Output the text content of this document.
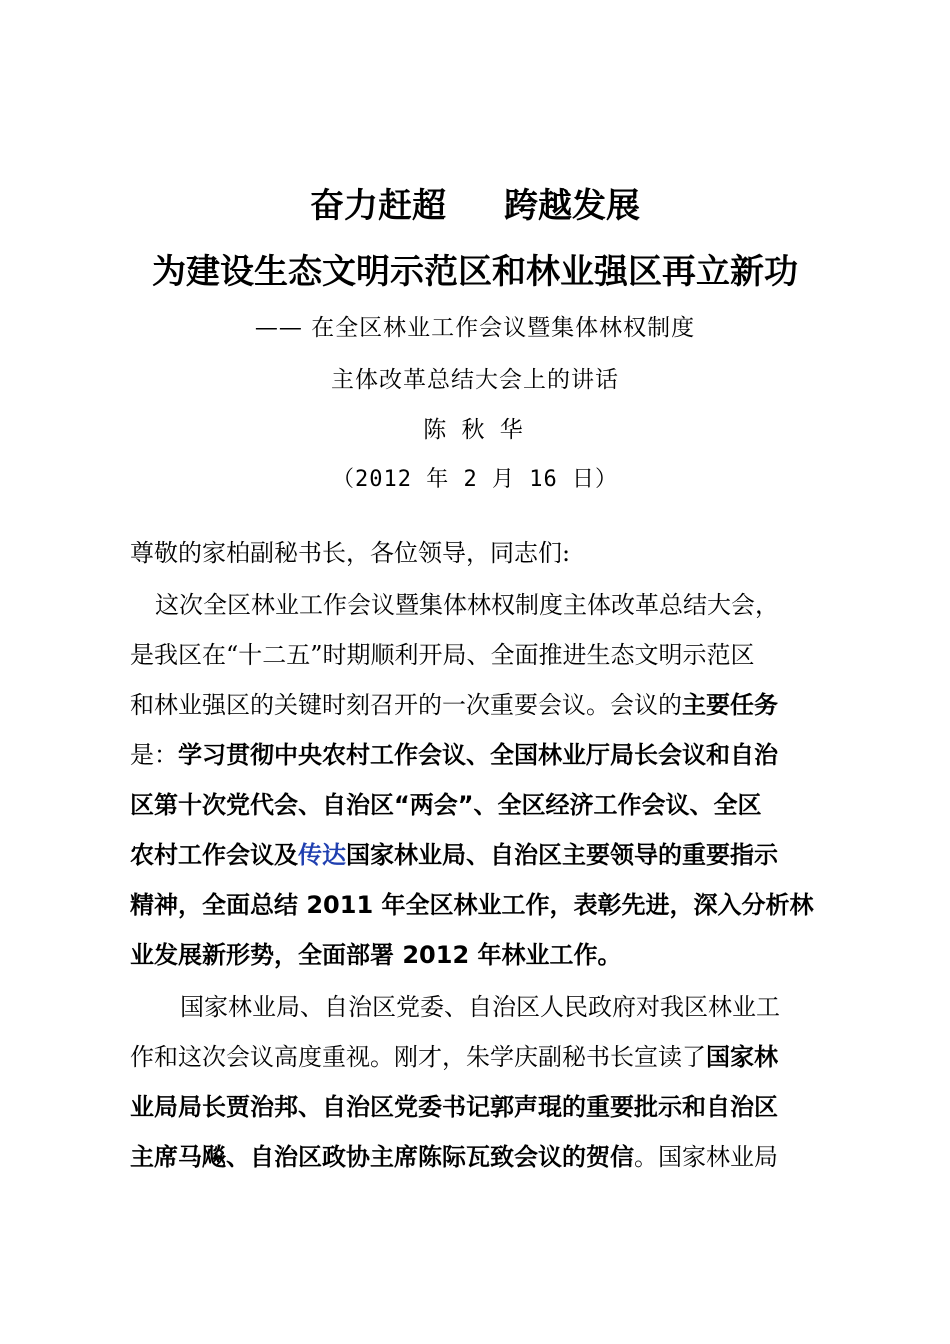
奋力赶超 跨越发展
为建设生态文明示范区和林业强区再立新功
—— 在全区林业工作会议暨集体林权制度
主体改革总结大会上的讲话
陈 秋 华
（2012 年 2 月 16 日）
尊敬的家柏副秘书长，各位领导，同志们:
这次全区林业工作会议暨集体林权制度主体改革总结大会，
是我区在“十二五”时期顺利开局、全面推进生态文明示范区
和林业强区的关键时刻召开的一次重要会议。会议的主要任务
是：学习贯彻中央农村工作会议、全国林业厅局长会议和自治
区第十次党代会、自治区“两会”、全区经济工作会议、全区
农村工作会议及传达国家林业局、自治区主要领导的重要指示
精神，全面总结 2011 年全区林业工作，表彰先进，深入分析林
业发展新形势，全面部署 2012 年林业工作。
国家林业局、自治区党委、自治区人民政府对我区林业工
作和这次会议高度重视。刚才，朱学庆副秘书长宣读了国家林
业局局长贾治邦、自治区党委书记郭声琨的重要批示和自治区
主席马飚、自治区政协主席陈际瓦致会议的贺信。国家林业局
